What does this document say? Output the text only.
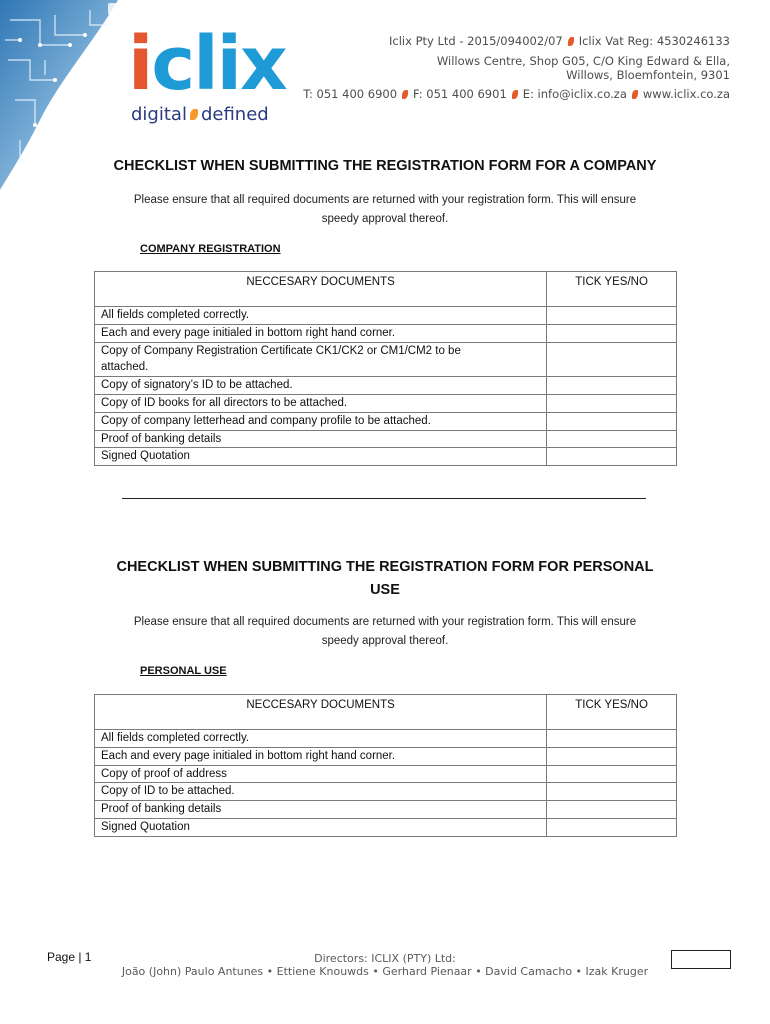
iclix
digital defined
Iclix Pty Ltd - 2015/094002/07 Iclix Vat Reg: 4530246133
Willows Centre, Shop G05, C/O King Edward & Ella,
Willows, Bloemfontein, 9301
T: 051 400 6900 F: 051 400 6901 E: info@iclix.co.za www.iclix.co.za
CHECKLIST WHEN SUBMITTING THE REGISTRATION FORM FOR A COMPANY
Please ensure that all required documents are returned with your registration form. This will ensure
speedy approval thereof.
COMPANY REGISTRATION
NECCESARY DOCUMENTS	TICK YES/NO
All fields completed correctly.	
Each and every page initialed in bottom right hand corner.	

Copy of Company Registration Certificate CK1/CK2 or CM1/CM2 to be
attached.	

Copy of signatory’s ID to be attached.	
Copy of ID books for all directors to be attached.	
Copy of company letterhead and company profile to be attached.	
Proof of banking details	
Signed Quotation	
CHECKLIST WHEN SUBMITTING THE REGISTRATION FORM FOR PERSONAL
USE
Please ensure that all required documents are returned with your registration form. This will ensure
speedy approval thereof.
PERSONAL USE
NECCESARY DOCUMENTS	TICK YES/NO
All fields completed correctly.	
Each and every page initialed in bottom right hand corner.	
Copy of proof of address	
Copy of ID to be attached.	
Proof of banking details	
Signed Quotation	
Page | 1	Directors: ICLIX (PTY) Ltd:
João (John) Paulo Antunes • Ettiene Knouwds • Gerhard Pienaar • David Camacho • Izak Kruger
